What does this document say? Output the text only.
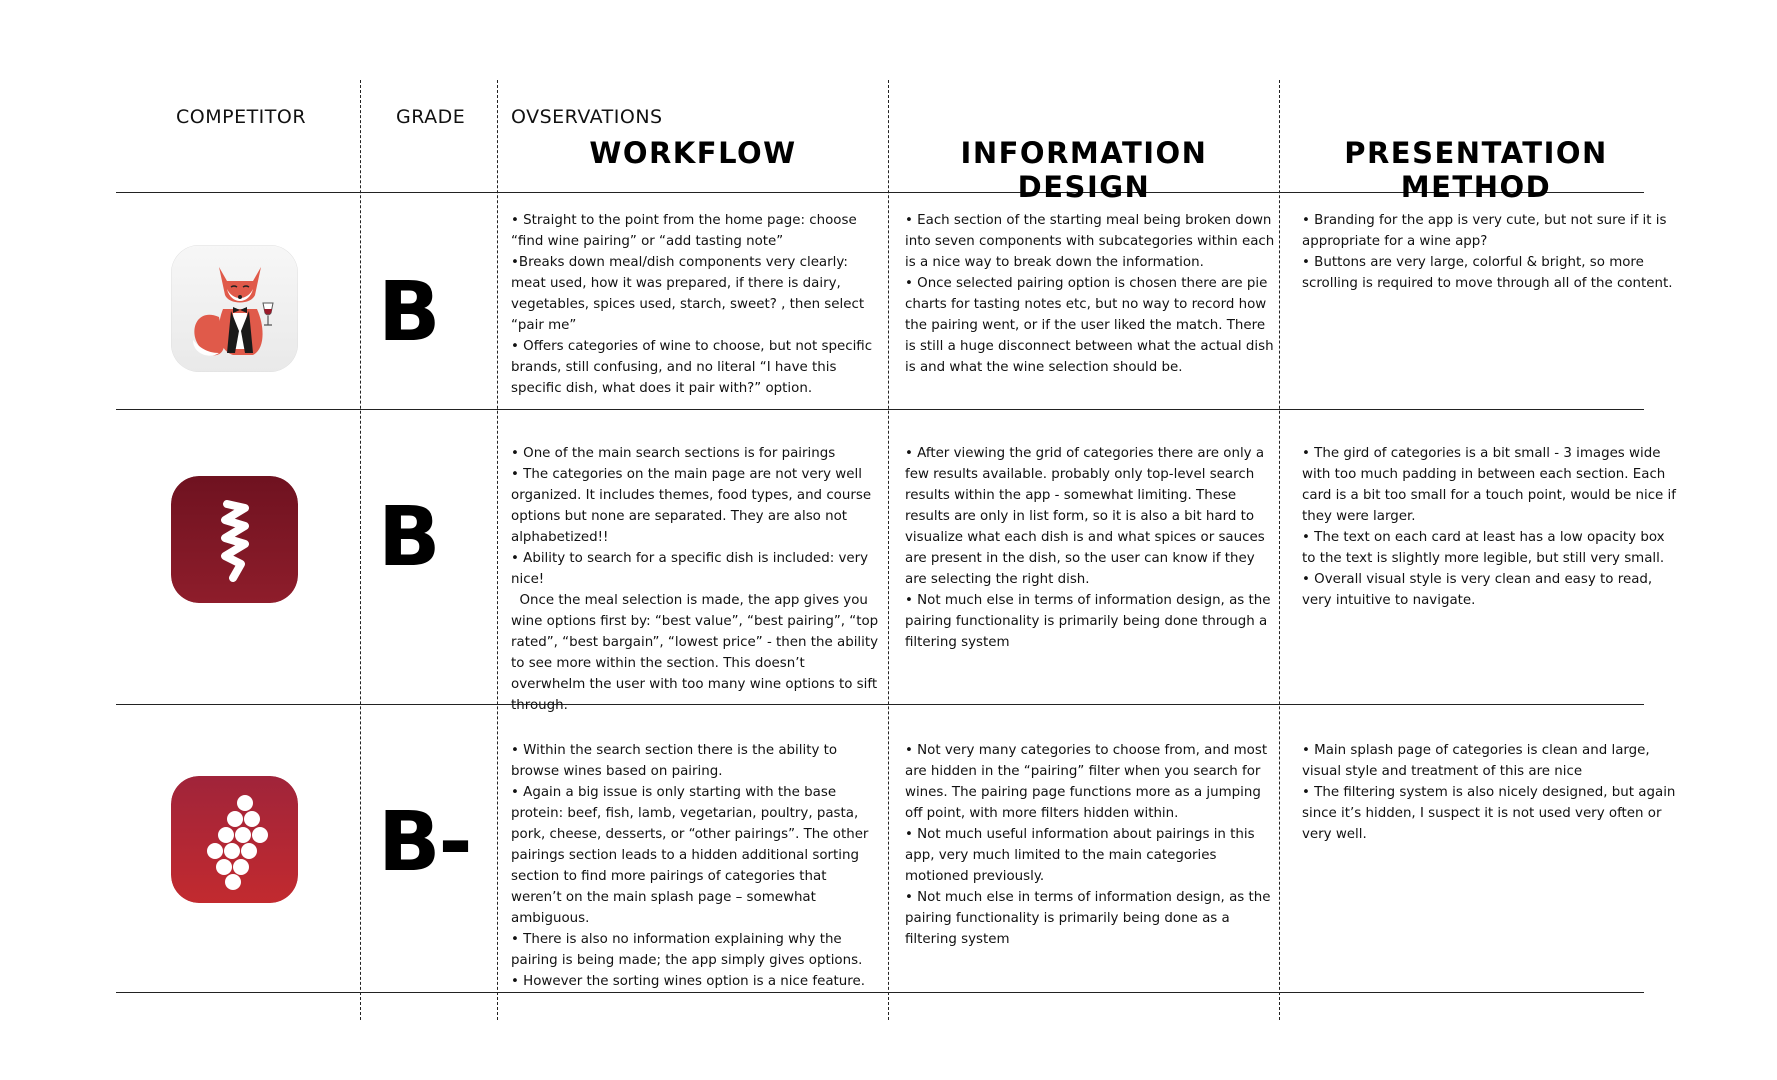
COMPETITOR	GRADE OVSERVATIONS
WORKFLOW	INFORMATION DESIGN
PRESENTATION METHOD
B

• Straight to the point from the home page: choose “find wine pairing” or “add tasting note”

•Breaks down meal/dish components very clearly: meat used, how it was prepared, if there is dairy, vegetables, spices used, starch, sweet? , then select “pair me”

• Offers categories of wine to choose, but not specific brands, still confusing, and no literal “I have this specific dish, what does it pair with?” option.

• Each section of the starting meal being broken down into seven components with subcategories within each is a nice way to break down the information.

• Once selected pairing option is chosen there are pie charts for tasting notes etc, but no way to record how the pairing went, or if the user liked the match. There is still a huge disconnect between what the actual dish is and what the wine selection should be.

• Branding for the app is very cute, but not sure if it is appropriate for a wine app?

• Buttons are very large, colorful & bright, so more scrolling is required to move through all of the content.

B

• One of the main search sections is for pairings

• The categories on the main page are not very well organized. It includes themes, food types, and course options but none are separated. They are also not alphabetized!!

• Ability to search for a specific dish is included: very nice!

Once the meal selection is made, the app gives you wine options first by: “best value”, “best pairing”, “top rated”, “best bargain”, “lowest price” - then the ability to see more within the section. This doesn’t overwhelm the user with too many wine options to sift through.

• After viewing the grid of categories there are only a few results available. probably only top-level search results within the app - somewhat limiting. These results are only in list form, so it is also a bit hard to visualize what each dish is and what spices or sauces are present in the dish, so the user can know if they are selecting the right dish.

• Not much else in terms of information design, as the pairing functionality is primarily being done through a filtering system

• The gird of categories is a bit small - 3 images wide with too much padding in between each section. Each card is a bit too small for a touch point, would be nice if they were larger.

• The text on each card at least has a low opacity box to the text is slightly more legible, but still very small.

• Overall visual style is very clean and easy to read, very intuitive to navigate.

B-

• Within the search section there is the ability to browse wines based on pairing.

• Again a big issue is only starting with the base protein: beef, fish, lamb, vegetarian, poultry, pasta, pork, cheese, desserts, or “other pairings”. The other pairings section leads to a hidden additional sorting section to find more pairings of categories that weren’t on the main splash page – somewhat ambiguous.

• There is also no information explaining why the pairing is being made; the app simply gives options.

• However the sorting wines option is a nice feature.

• Not very many categories to choose from, and most are hidden in the “pairing” filter when you search for wines. The pairing page functions more as a jumping off point, with more filters hidden within.

• Not much useful information about pairings in this app, very much limited to the main categories motioned previously.

• Not much else in terms of information design, as the pairing functionality is primarily being done as a filtering system

• Main splash page of categories is clean and large, visual style and treatment of this are nice

• The filtering system is also nicely designed, but again since it’s hidden, I suspect it is not used very often or very well.
